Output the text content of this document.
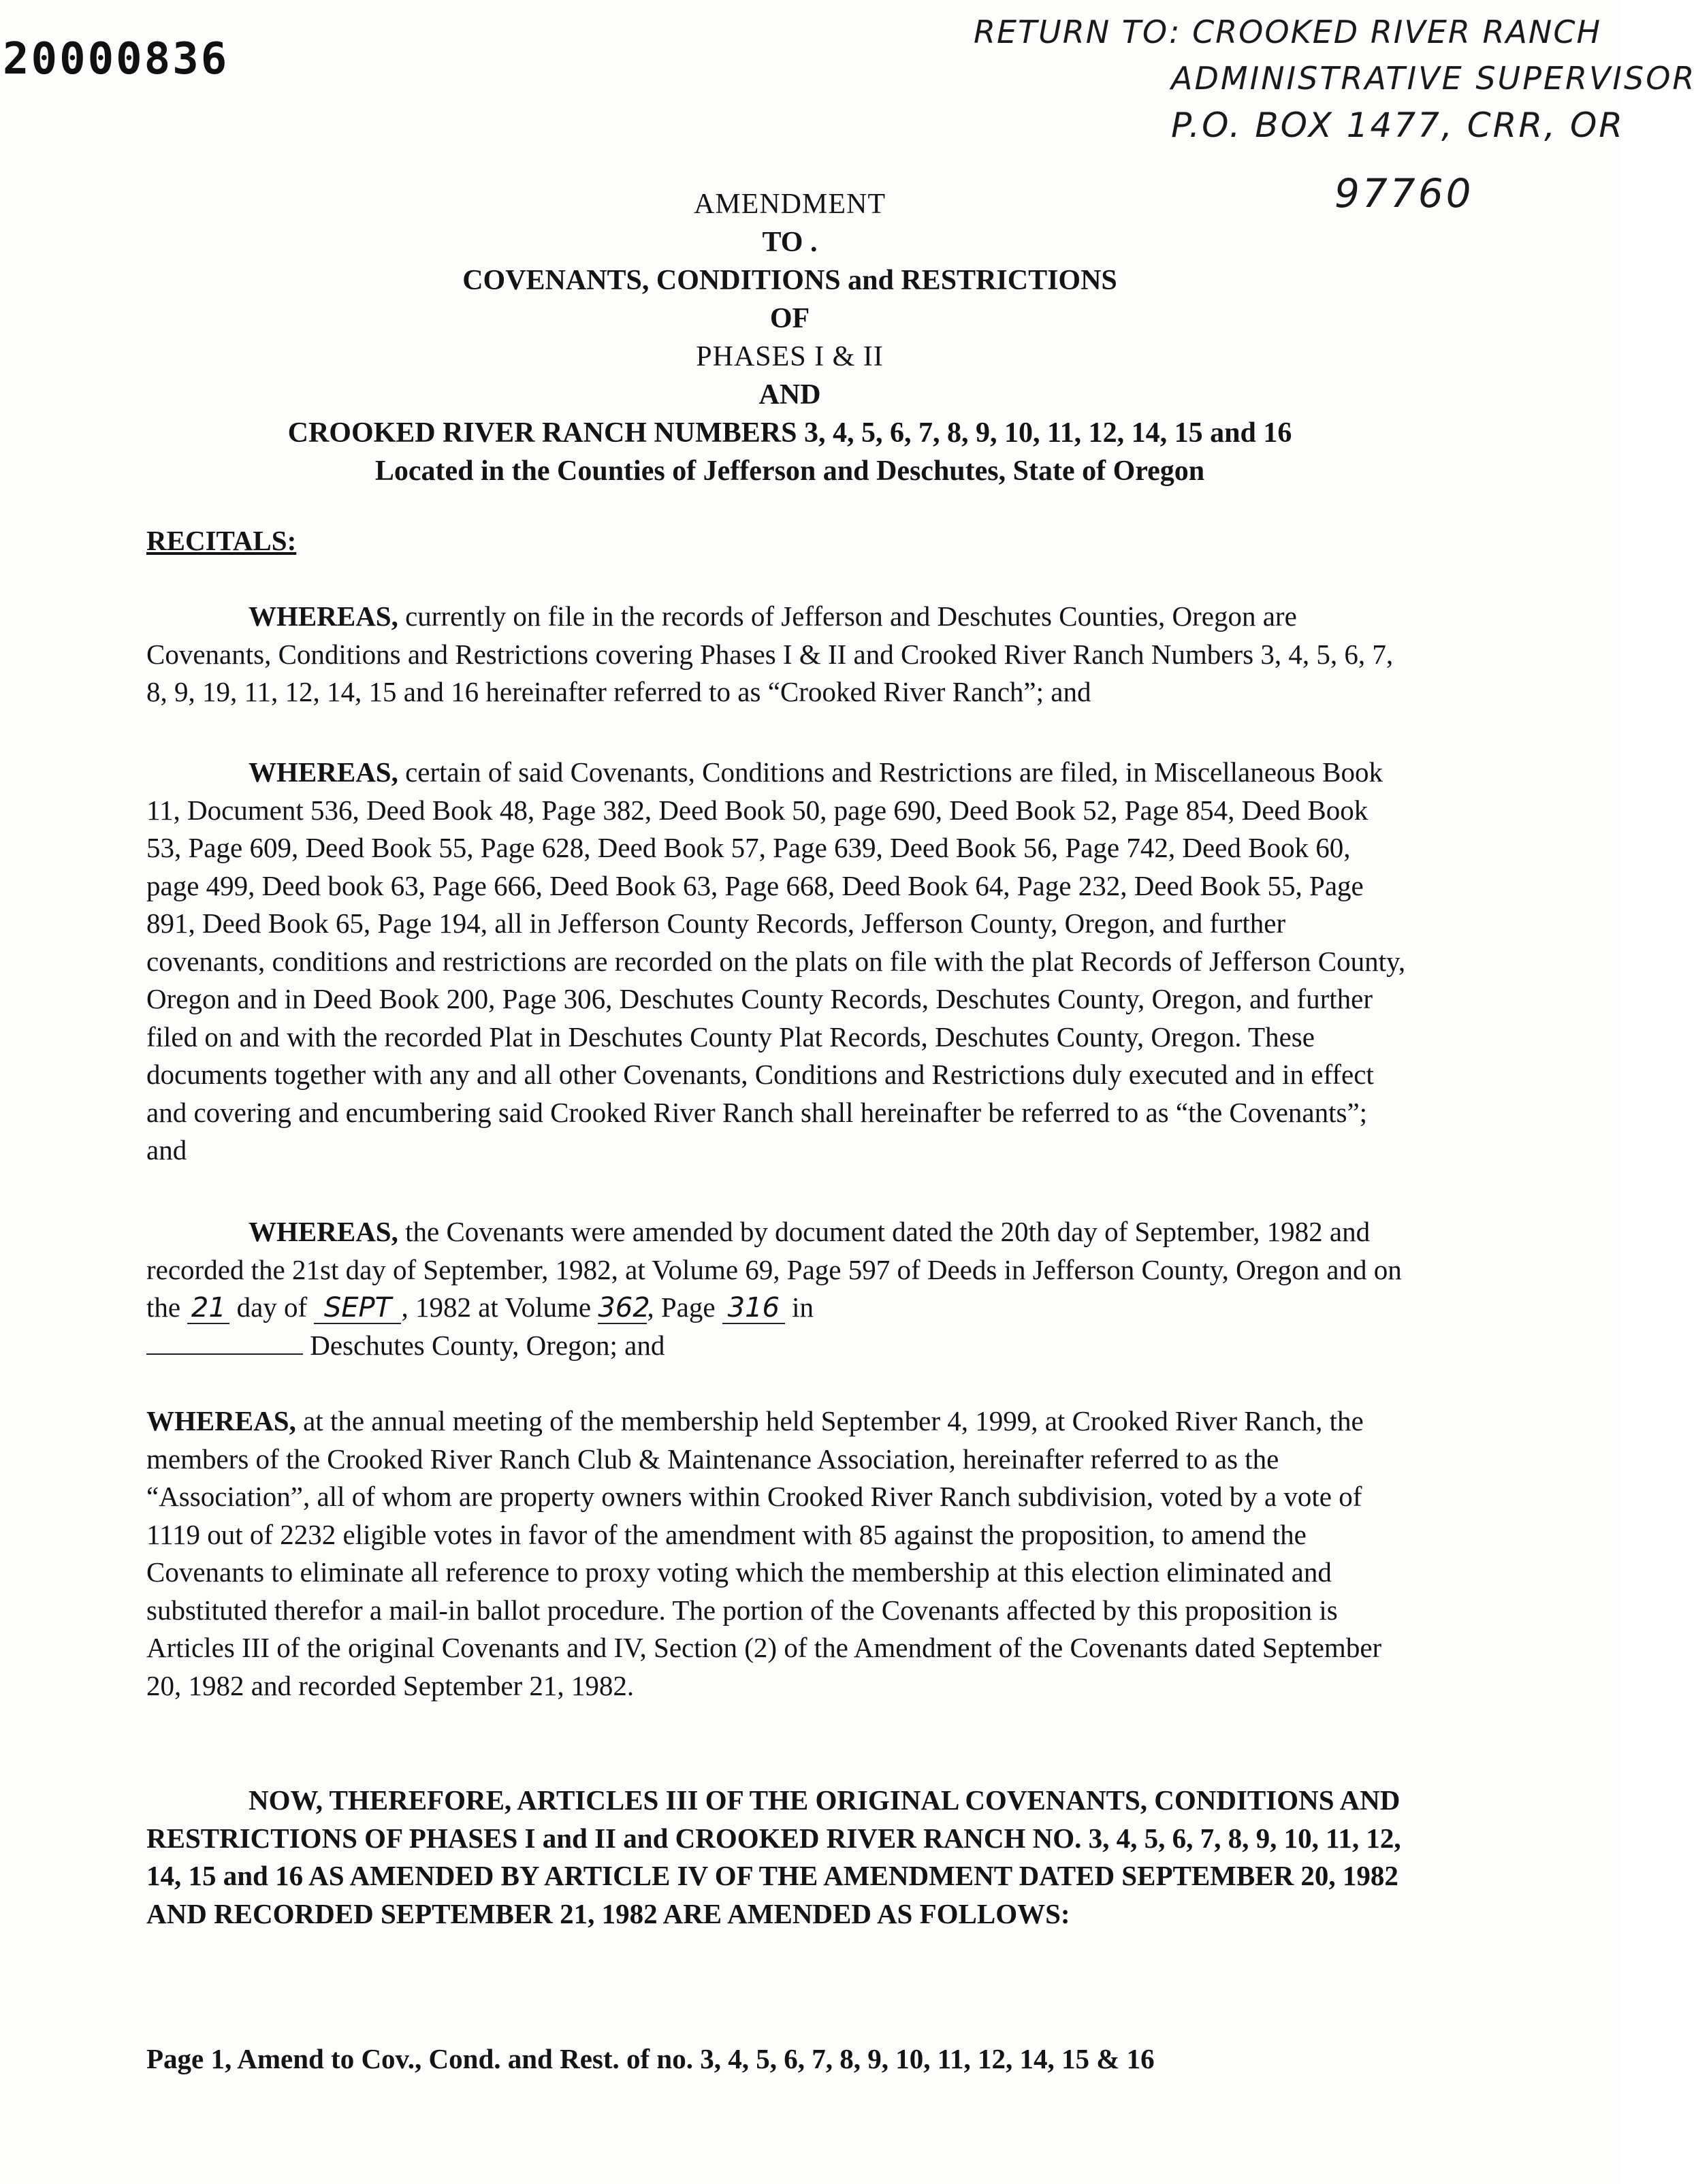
20000836
RETURN TO: CROOKED RIVER RANCH
ADMINISTRATIVE SUPERVISOR
P.O. BOX 1477, CRR, OR
97760
AMENDMENT
TO .
COVENANTS, CONDITIONS and RESTRICTIONS
OF
PHASES I & II
AND
CROOKED RIVER RANCH NUMBERS 3, 4, 5, 6, 7, 8, 9, 10, 11, 12, 14, 15 and 16
Located in the Counties of Jefferson and Deschutes, State of Oregon
RECITALS:
WHEREAS, currently on file in the records of Jefferson and Deschutes Counties, Oregon are Covenants, Conditions and Restrictions covering Phases I & II and Crooked River Ranch Numbers 3, 4, 5, 6, 7, 8, 9, 19, 11, 12, 14, 15 and 16 hereinafter referred to as “Crooked River Ranch”; and
WHEREAS, certain of said Covenants, Conditions and Restrictions are filed, in Miscellaneous Book 11, Document 536, Deed Book 48, Page 382, Deed Book 50, page 690, Deed Book 52, Page 854, Deed Book 53, Page 609, Deed Book 55, Page 628, Deed Book 57, Page 639, Deed Book 56, Page 742, Deed Book 60, page 499, Deed book 63, Page 666, Deed Book 63, Page 668, Deed Book 64, Page 232, Deed Book 55, Page 891, Deed Book 65, Page 194, all in Jefferson County Records, Jefferson County, Oregon, and further covenants, conditions and restrictions are recorded on the plats on file with the plat Records of Jefferson County, Oregon and in Deed Book 200, Page 306, Deschutes County Records, Deschutes County, Oregon, and further filed on and with the recorded Plat in Deschutes County Plat Records, Deschutes County, Oregon. These documents together with any and all other Covenants, Conditions and Restrictions duly executed and in effect and covering and encumbering said Crooked River Ranch shall hereinafter be referred to as “the Covenants”; and
WHEREAS, the Covenants were amended by document dated the 20th day of September, 1982 and recorded the 21st day of September, 1982, at Volume 69, Page 597 of Deeds in Jefferson County, Oregon and on the 21 day of SEPT , 1982 at Volume 362, Page 316 in
Deschutes County, Oregon; and
WHEREAS, at the annual meeting of the membership held September 4, 1999, at Crooked River Ranch, the members of the Crooked River Ranch Club & Maintenance Association, hereinafter referred to as the “Association”, all of whom are property owners within Crooked River Ranch subdivision, voted by a vote of 1119 out of 2232 eligible votes in favor of the amendment with 85 against the proposition, to amend the Covenants to eliminate all reference to proxy voting which the membership at this election eliminated and substituted therefor a mail-in ballot procedure. The portion of the Covenants affected by this proposition is Articles III of the original Covenants and IV, Section (2) of the Amendment of the Covenants dated September 20, 1982 and recorded September 21, 1982.
NOW, THEREFORE, ARTICLES III OF THE ORIGINAL COVENANTS, CONDITIONS AND RESTRICTIONS OF PHASES I and II and CROOKED RIVER RANCH NO. 3, 4, 5, 6, 7, 8, 9, 10, 11, 12, 14, 15 and 16 AS AMENDED BY ARTICLE IV OF THE AMENDMENT DATED SEPTEMBER 20, 1982 AND RECORDED SEPTEMBER 21, 1982 ARE AMENDED AS FOLLOWS:
Page 1, Amend to Cov., Cond. and Rest. of no. 3, 4, 5, 6, 7, 8, 9, 10, 11, 12, 14, 15 & 16
